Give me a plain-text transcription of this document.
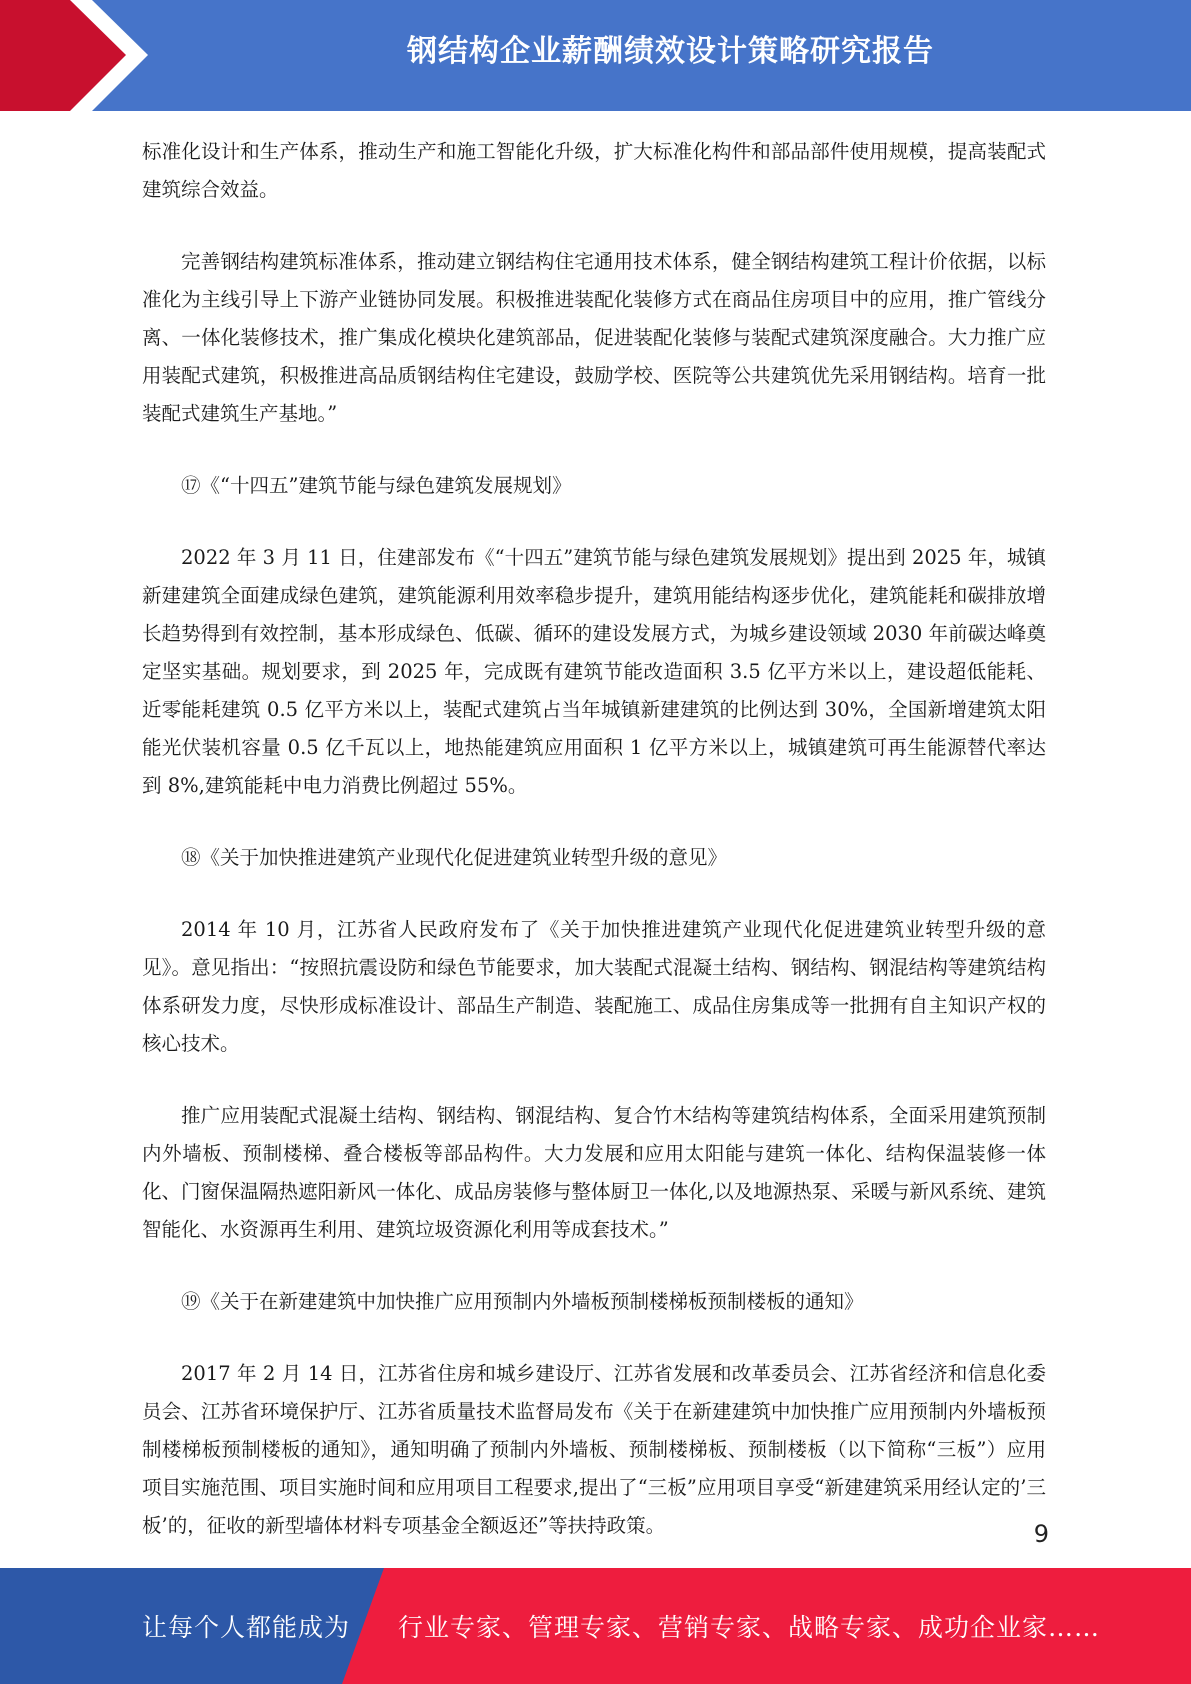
钢结构企业薪酬绩效设计策略研究报告

标准化设计和生产体系，推动生产和施工智能化升级，扩大标准化构件和部品部件使用规模，提高装配式建筑综合效益。

完善钢结构建筑标准体系，推动建立钢结构住宅通用技术体系，健全钢结构建筑工程计价依据，以标准化为主线引导上下游产业链协同发展。积极推进装配化装修方式在商品住房项目中的应用，推广管线分离、一体化装修技术，推广集成化模块化建筑部品，促进装配化装修与装配式建筑深度融合。大力推广应用装配式建筑，积极推进高品质钢结构住宅建设，鼓励学校、医院等公共建筑优先采用钢结构。培育一批装配式建筑生产基地。”

⑰《“十四五”建筑节能与绿色建筑发展规划》

2022 年 3 月 11 日，住建部发布《“十四五”建筑节能与绿色建筑发展规划》提出到 2025 年，城镇新建建筑全面建成绿色建筑，建筑能源利用效率稳步提升，建筑用能结构逐步优化，建筑能耗和碳排放增长趋势得到有效控制，基本形成绿色、低碳、循环的建设发展方式，为城乡建设领域 2030 年前碳达峰奠定坚实基础。规划要求，到 2025 年，完成既有建筑节能改造面积 3.5 亿平方米以上，建设超低能耗、近零能耗建筑 0.5 亿平方米以上，装配式建筑占当年城镇新建建筑的比例达到 30%，全国新增建筑太阳能光伏装机容量 0.5 亿千瓦以上，地热能建筑应用面积 1 亿平方米以上，城镇建筑可再生能源替代率达到 8%,建筑能耗中电力消费比例超过 55%。

⑱《关于加快推进建筑产业现代化促进建筑业转型升级的意见》

2014 年 10 月，江苏省人民政府发布了《关于加快推进建筑产业现代化促进建筑业转型升级的意见》。意见指出：“按照抗震设防和绿色节能要求，加大装配式混凝土结构、钢结构、钢混结构等建筑结构体系研发力度，尽快形成标准设计、部品生产制造、装配施工、成品住房集成等一批拥有自主知识产权的核心技术。

推广应用装配式混凝土结构、钢结构、钢混结构、复合竹木结构等建筑结构体系，全面采用建筑预制内外墙板、预制楼梯、叠合楼板等部品构件。大力发展和应用太阳能与建筑一体化、结构保温装修一体化、门窗保温隔热遮阳新风一体化、成品房装修与整体厨卫一体化,以及地源热泵、采暖与新风系统、建筑智能化、水资源再生利用、建筑垃圾资源化利用等成套技术。”

⑲《关于在新建建筑中加快推广应用预制内外墙板预制楼梯板预制楼板的通知》

2017 年 2 月 14 日，江苏省住房和城乡建设厅、江苏省发展和改革委员会、江苏省经济和信息化委员会、江苏省环境保护厅、江苏省质量技术监督局发布《关于在新建建筑中加快推广应用预制内外墙板预制楼梯板预制楼板的通知》，通知明确了预制内外墙板、预制楼梯板、预制楼板（以下简称“三板”）应用项目实施范围、项目实施时间和应用项目工程要求,提出了“三板”应用项目享受“新建建筑采用经认定的’三板’的，征收的新型墙体材料专项基金全额返还”等扶持政策。	9
让每个人都能成为 行业专家、管理专家、营销专家、战略专家、成功企业家……
